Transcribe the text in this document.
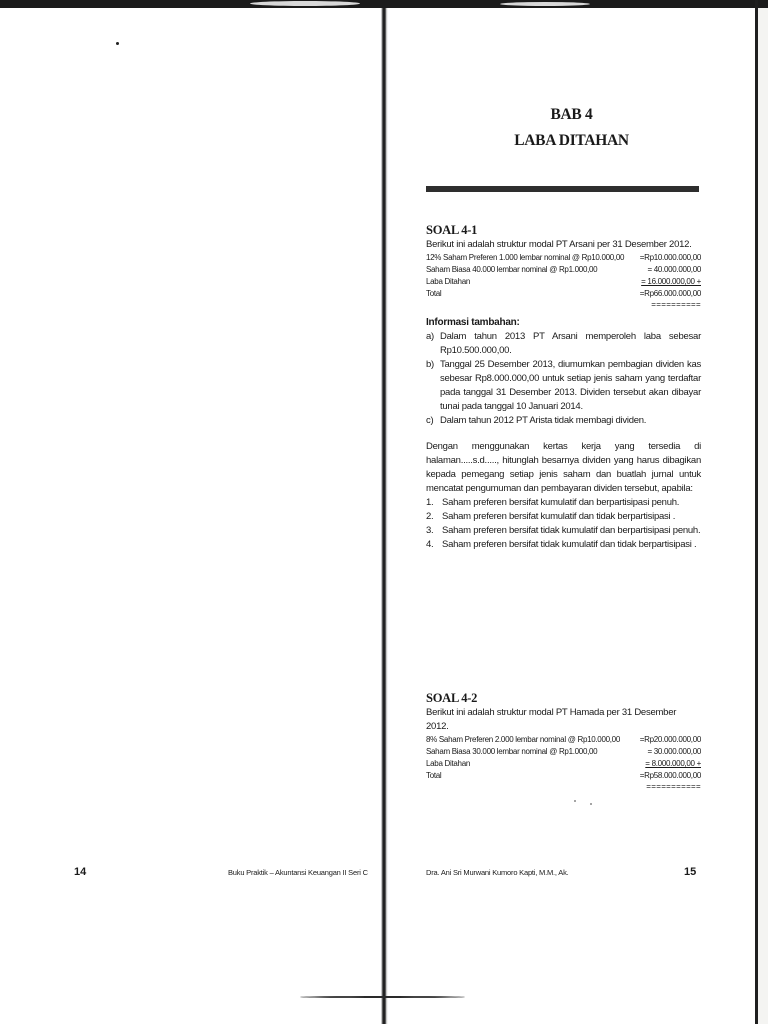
14	Buku Praktik – Akuntansi Keuangan II Seri C
BAB 4
LABA DITAHAN
SOAL 4-1
Berikut ini adalah struktur modal PT Arsani per 31 Desember 2012.
12% Saham Preferen 1.000 lembar nominal @ Rp10.000,00	=Rp10.000.000,00
Saham Biasa 40.000 lembar nominal @ Rp1.000,00	= 40.000.000,00
Laba Ditahan	= 16.000.000,00 +
Total	=Rp66.000.000,00
==========
Informasi tambahan:
a) Dalam tahun 2013 PT Arsani memperoleh laba sebesar Rp10.500.000,00.
b) Tanggal 25 Desember 2013, diumumkan pembagian dividen kas sebesar Rp8.000.000,00 untuk setiap jenis saham yang terdaftar pada tanggal 31 Desember 2013. Dividen tersebut akan dibayar tunai pada tanggal 10 Januari 2014.
c) Dalam tahun 2012 PT Arista tidak membagi dividen.
Dengan menggunakan kertas kerja yang tersedia di halaman.....s.d....., hitunglah besarnya dividen yang harus dibagikan kepada pemegang setiap jenis saham dan buatlah jurnal untuk mencatat pengumuman dan pembayaran dividen tersebut, apabila:
1. Saham preferen bersifat kumulatif dan berpartisipasi penuh.
2. Saham preferen bersifat kumulatif dan tidak berpartisipasi .
3. Saham preferen bersifat tidak kumulatif dan berpartisipasi penuh.
4. Saham preferen bersifat tidak kumulatif dan tidak berpartisipasi .
SOAL 4-2
Berikut ini adalah struktur modal PT Hamada per 31 Desember 2012.
8% Saham Preferen 2.000 lembar nominal @ Rp10.000,00	=Rp20.000.000,00
Saham Biasa 30.000 lembar nominal @ Rp1.000,00	= 30.000.000,00
Laba Ditahan	= 8.000.000,00 +
Total	=Rp58.000.000,00
===========
Dra. Ani Sri Murwani Kumoro Kapti, M.M., Ak.	15
